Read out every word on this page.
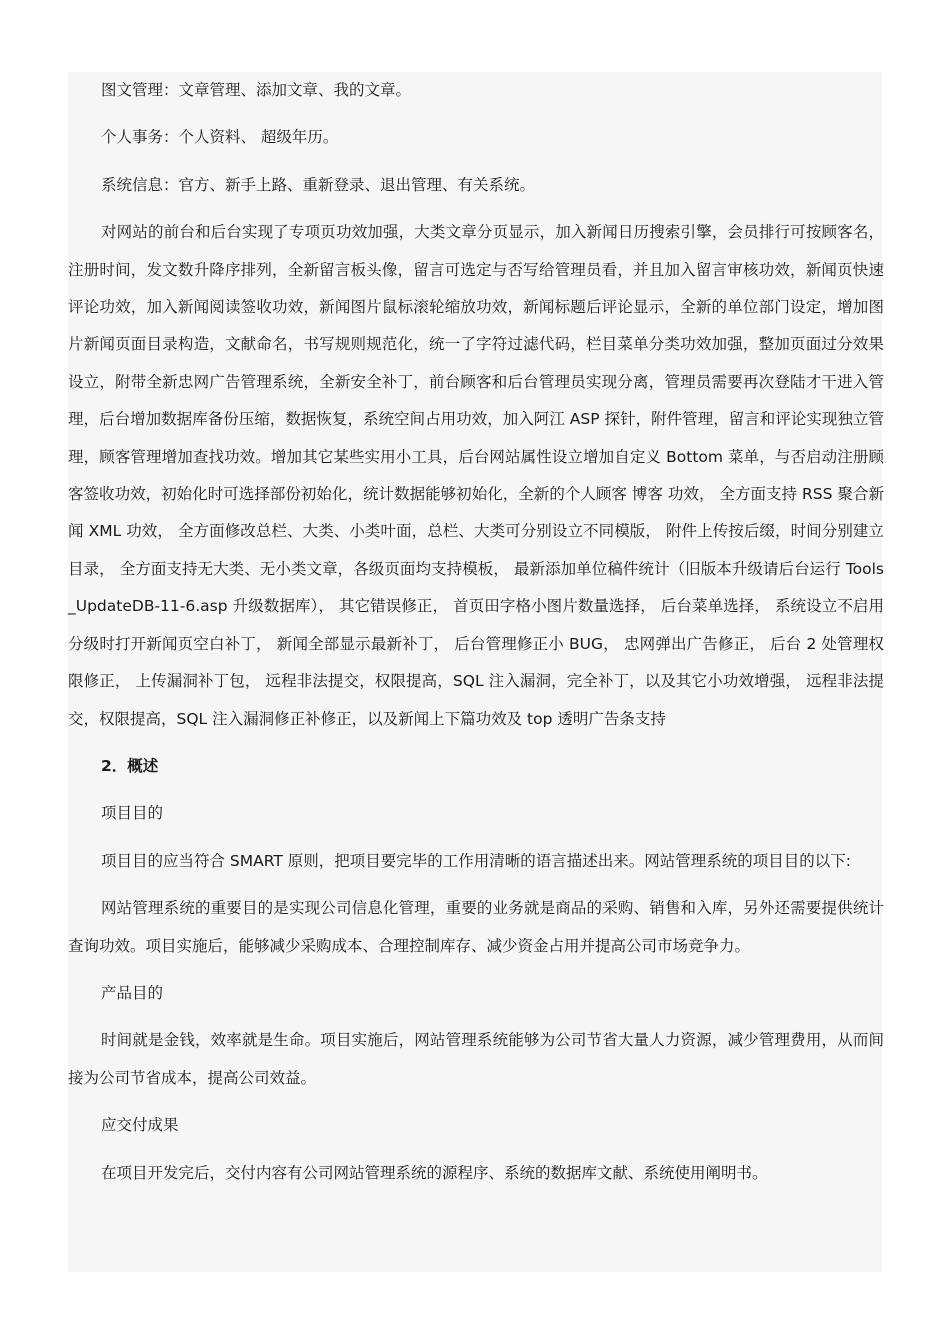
图文管理：文章管理、添加文章、我的文章。

个人事务：个人资料、 超级年历。

系统信息：官方、新手上路、重新登录、退出管理、有关系统。

对网站的前台和后台实现了专项页功效加强，大类文章分页显示，加入新闻日历搜索引擎，会员排行可按顾客名，注册时间，发文数升降序排列，全新留言板头像，留言可选定与否写给管理员看，并且加入留言审核功效，新闻页快速评论功效，加入新闻阅读签收功效，新闻图片鼠标滚轮缩放功效，新闻标题后评论显示，全新的单位部门设定，增加图片新闻页面目录构造，文献命名，书写规则规范化，统一了字符过滤代码，栏目菜单分类功效加强，整加页面过分效果设立，附带全新忠网广告管理系统，全新安全补丁，前台顾客和后台管理员实现分离，管理员需要再次登陆才干进入管理，后台增加数据库备份压缩，数据恢复，系统空间占用功效，加入阿江 ASP 探针，附件管理，留言和评论实现独立管理，顾客管理增加查找功效。增加其它某些实用小工具，后台网站属性设立增加自定义 Bottom 菜单，与否启动注册顾客签收功效，初始化时可选择部份初始化，统计数据能够初始化，全新的个人顾客 博客 功效， 全方面支持 RSS 聚合新闻 XML 功效， 全方面修改总栏、大类、小类叶面，总栏、大类可分别设立不同模版， 附件上传按后缀，时间分别建立目录， 全方面支持无大类、无小类文章，各级页面均支持模板， 最新添加单位稿件统计（旧版本升级请后台运行 Tools_UpdateDB-11-6.asp 升级数据库）， 其它错误修正， 首页田字格小图片数量选择， 后台菜单选择， 系统设立不启用分级时打开新闻页空白补丁， 新闻全部显示最新补丁， 后台管理修正小 BUG， 忠网弹出广告修正， 后台 2 处管理权限修正， 上传漏洞补丁包， 远程非法提交，权限提高，SQL 注入漏洞，完全补丁，以及其它小功效增强， 远程非法提交，权限提高，SQL 注入漏洞修正补修正，以及新闻上下篇功效及 top 透明广告条支持

2．概述

项目目的

项目目的应当符合 SMART 原则，把项目要完毕的工作用清晰的语言描述出来。网站管理系统的项目目的以下:

网站管理系统的重要目的是实现公司信息化管理，重要的业务就是商品的采购、销售和入库，另外还需要提供统计查询功效。项目实施后，能够减少采购成本、合理控制库存、减少资金占用并提高公司市场竞争力。

产品目的

时间就是金钱，效率就是生命。项目实施后，网站管理系统能够为公司节省大量人力资源，减少管理费用，从而间接为公司节省成本，提高公司效益。

应交付成果

在项目开发完后，交付内容有公司网站管理系统的源程序、系统的数据库文献、系统使用阐明书。
